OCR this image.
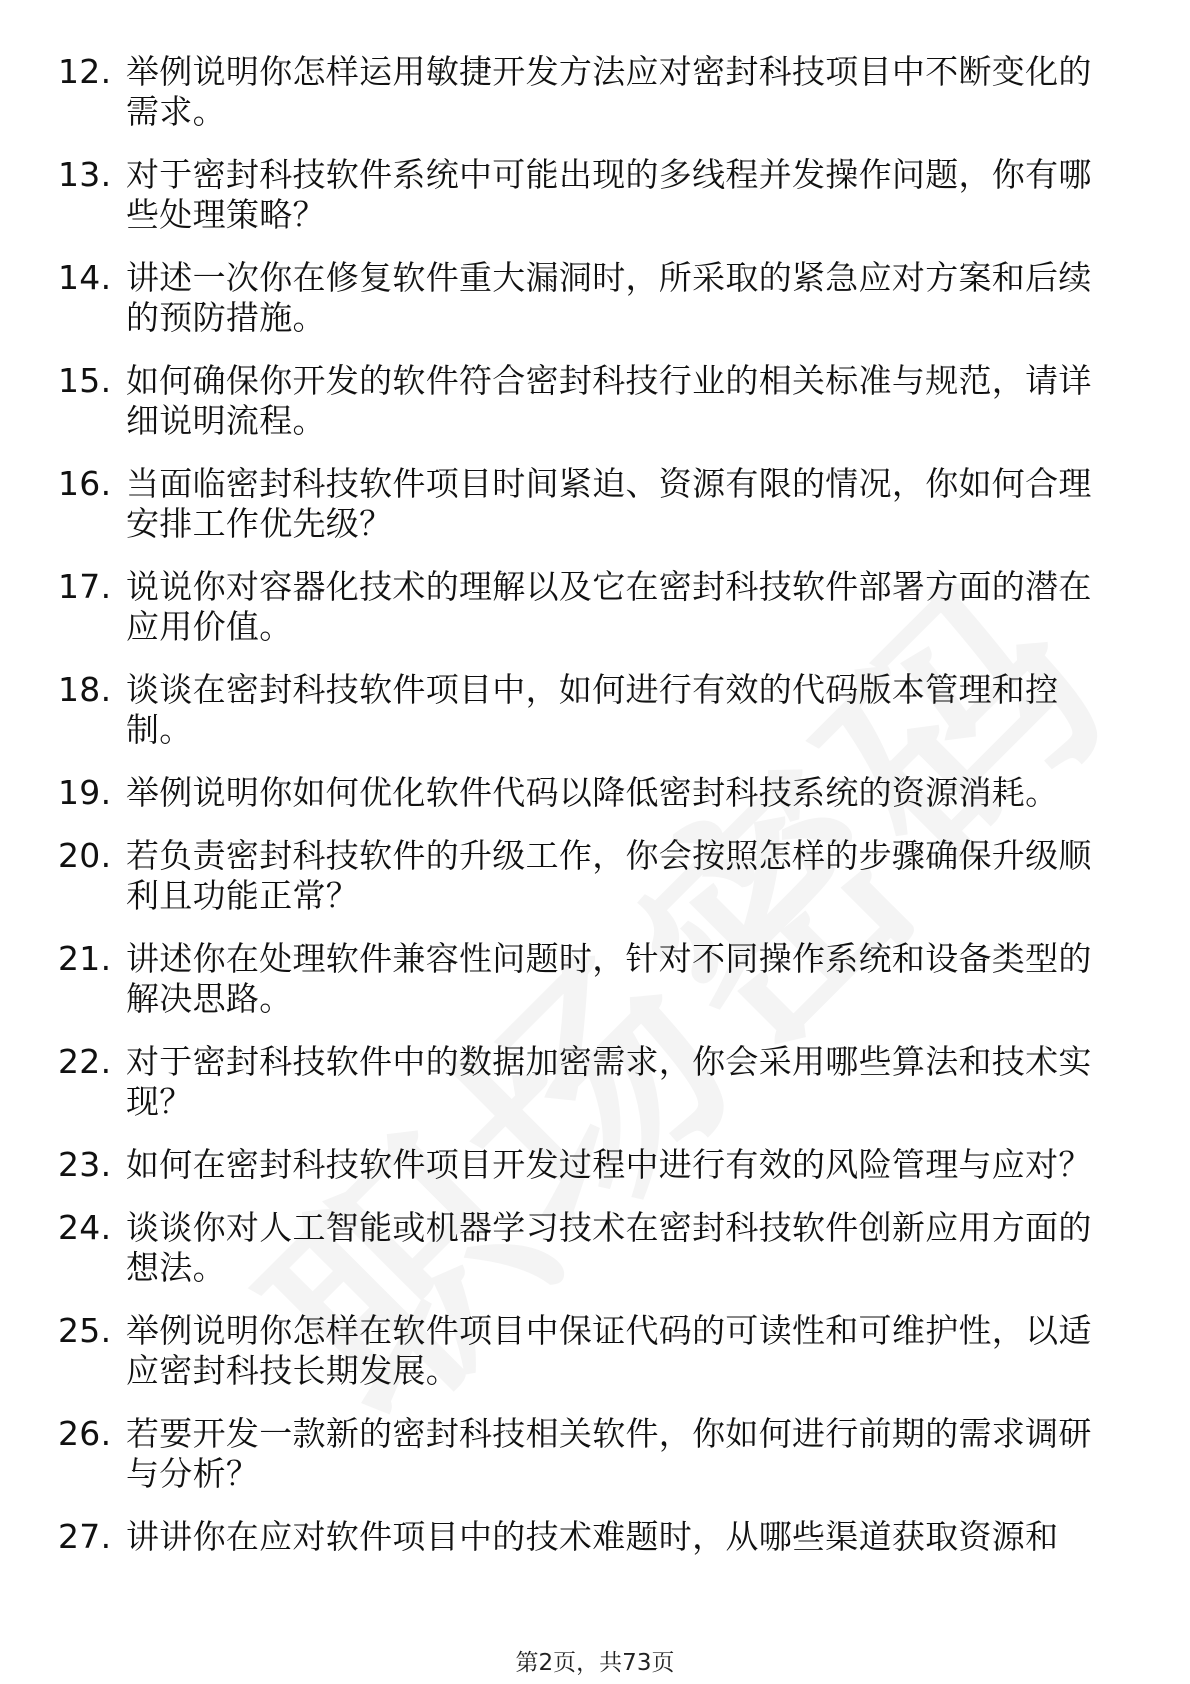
12. 举例说明你怎样运用敏捷开发方法应对密封科技项目中不断变化的需求。
13. 对于密封科技软件系统中可能出现的多线程并发操作问题，你有哪些处理策略？
14. 讲述一次你在修复软件重大漏洞时，所采取的紧急应对方案和后续的预防措施。
15. 如何确保你开发的软件符合密封科技行业的相关标准与规范，请详细说明流程。
16. 当面临密封科技软件项目时间紧迫、资源有限的情况，你如何合理安排工作优先级？
17. 说说你对容器化技术的理解以及它在密封科技软件部署方面的潜在应用价值。
18. 谈谈在密封科技软件项目中，如何进行有效的代码版本管理和控制。
19. 举例说明你如何优化软件代码以降低密封科技系统的资源消耗。
20. 若负责密封科技软件的升级工作，你会按照怎样的步骤确保升级顺利且功能正常？
21. 讲述你在处理软件兼容性问题时，针对不同操作系统和设备类型的解决思路。
22. 对于密封科技软件中的数据加密需求，你会采用哪些算法和技术实现？
23. 如何在密封科技软件项目开发过程中进行有效的风险管理与应对？
24. 谈谈你对人工智能或机器学习技术在密封科技软件创新应用方面的想法。
25. 举例说明你怎样在软件项目中保证代码的可读性和可维护性，以适应密封科技长期发展。
26. 若要开发一款新的密封科技相关软件，你如何进行前期的需求调研与分析？
27. 讲讲你在应对软件项目中的技术难题时，从哪些渠道获取资源和
第2页，共73页
